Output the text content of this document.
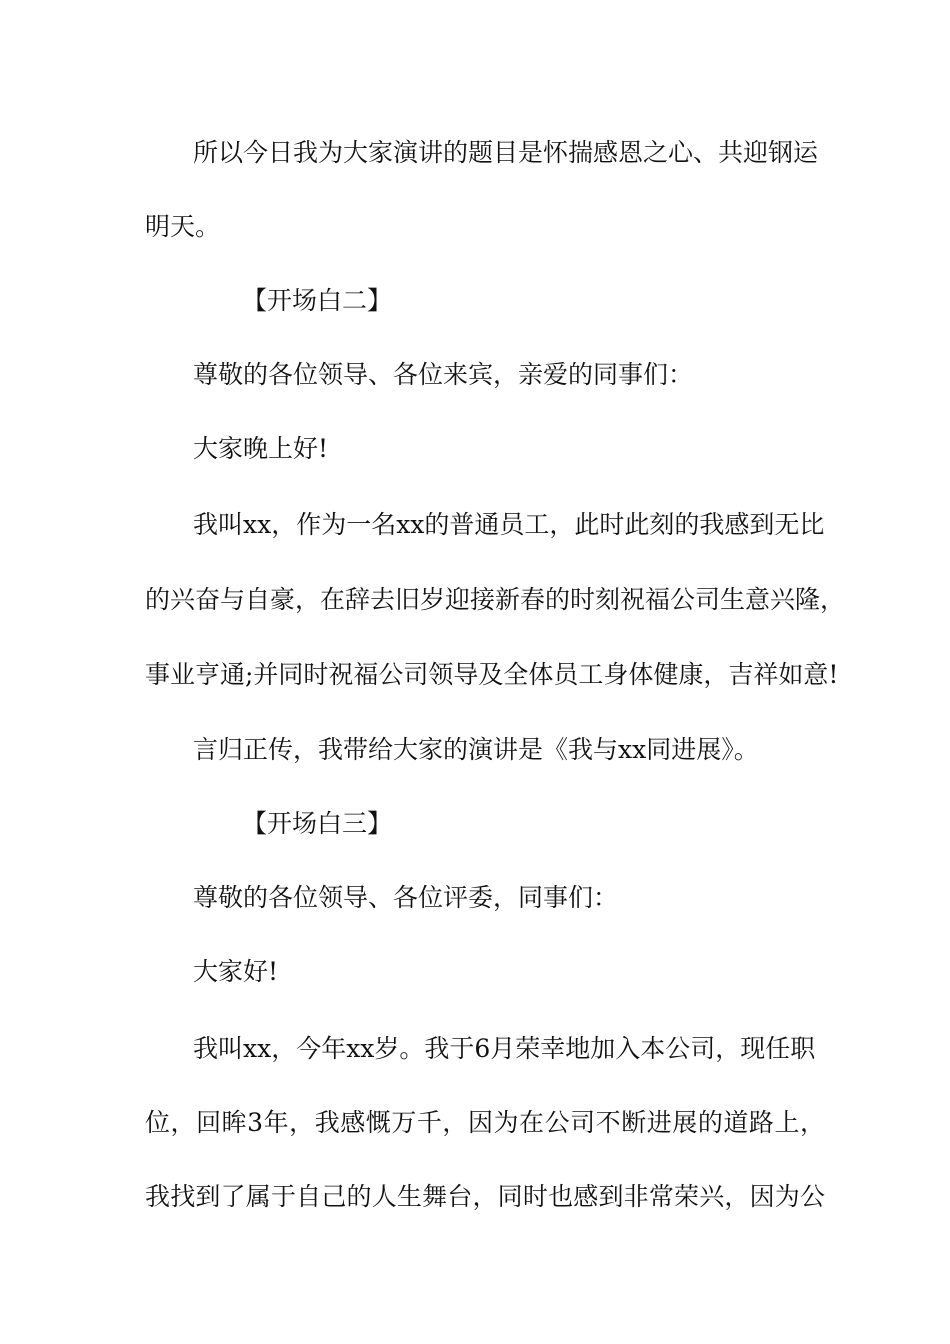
所以今日我为大家演讲的题目是怀揣感恩之心、共迎钢运
明天。
【开场白二】
尊敬的各位领导、各位来宾，亲爱的同事们：
大家晚上好!
我叫xx，作为一名xx的普通员工，此时此刻的我感到无比
的兴奋与自豪，在辞去旧岁迎接新春的时刻祝福公司生意兴隆，
事业亨通;并同时祝福公司领导及全体员工身体健康，吉祥如意!
言归正传，我带给大家的演讲是《我与xx同进展》。
【开场白三】
尊敬的各位领导、各位评委，同事们：
大家好!
我叫xx，今年xx岁。我于6月荣幸地加入本公司，现任职
位，回眸3年，我感慨万千，因为在公司不断进展的道路上，
我找到了属于自己的人生舞台，同时也感到非常荣兴，因为公
